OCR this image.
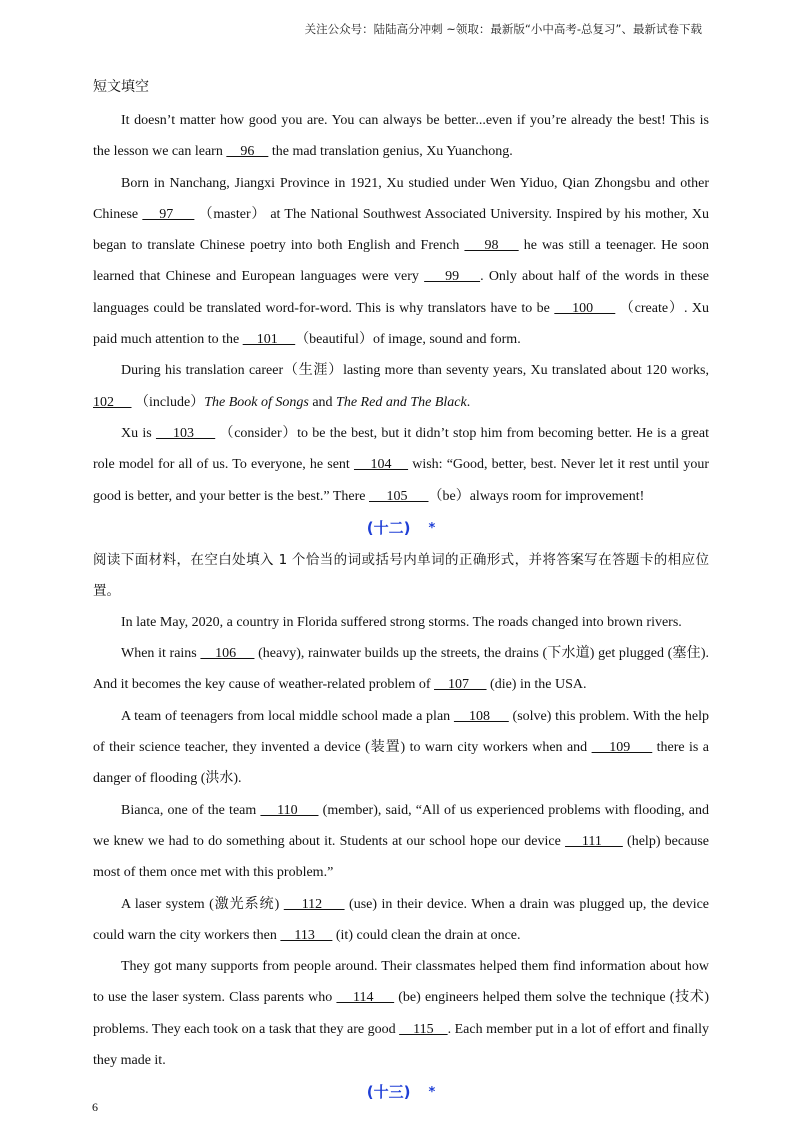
关注公众号：陆陆高分冲刺 ~领取：最新版“小中高考-总复习”、最新试卷下载
短文填空

It doesn’t matter how good you are. You can always be better...even if you’re already the best! This is the lesson we can learn     96     the mad translation genius, Xu Yuanchong.

Born in Nanchang, Jiangxi Province in 1921, Xu studied under Wen Yiduo, Qian Zhongsbu and other Chinese     97      （master） at The National Southwest Associated University. Inspired by his mother, Xu began to translate Chinese poetry into both English and French     98     he was still a teenager. He soon learned that Chinese and European languages were very     99    . Only about half of the words in these languages could be translated word-for-word. This is why translators have to be     100      （create）. Xu paid much attention to the     101     （beautiful）of image, sound and form.

During his translation career（生涯）lasting more than seventy years, Xu translated about 120 works, 102      （include）The Book of Songs and The Red and The Black.

Xu is     103      （consider）to be the best, but it didn’t stop him from becoming better. He is a great role model for all of us. To everyone, he sent     104     wish: “Good, better, best. Never let it rest until your good is better, and your better is the best.” There      105      （be）always room for improvement!

(十二) *
阅读下面材料，在空白处填入 1 个恰当的词或括号内单词的正确形式，并将答案写在答题卡的相应位置。

In late May, 2020, a country in Florida suffered strong storms. The roads changed into brown rivers.

When it rains     106      (heavy), rainwater builds up the streets, the drains (下水道) get plugged (塞住). And it becomes the key cause of weather-related problem of     107      (die) in the USA.

A team of teenagers from local middle school made a plan     108      (solve) this problem. With the help of their science teacher, they invented a device (装置) to warn city workers when and     109      there is a danger of flooding (洪水).

Bianca, one of the team     110      (member), said, “All of us experienced problems with flooding, and we knew we had to do something about it. Students at our school hope our device     111      (help) because most of them once met with this problem.”

A laser system (激光系统)     112      (use) in their device. When a drain was plugged up, the device could warn the city workers then     113      (it) could clean the drain at once.

They got many supports from people around. Their classmates helped them find information about how to use the laser system. Class parents who     114      (be) engineers helped them solve the technique (技术) problems. They each took on a task that they are good     115    . Each member put in a lot of effort and finally they made it.

(十三) *
6
